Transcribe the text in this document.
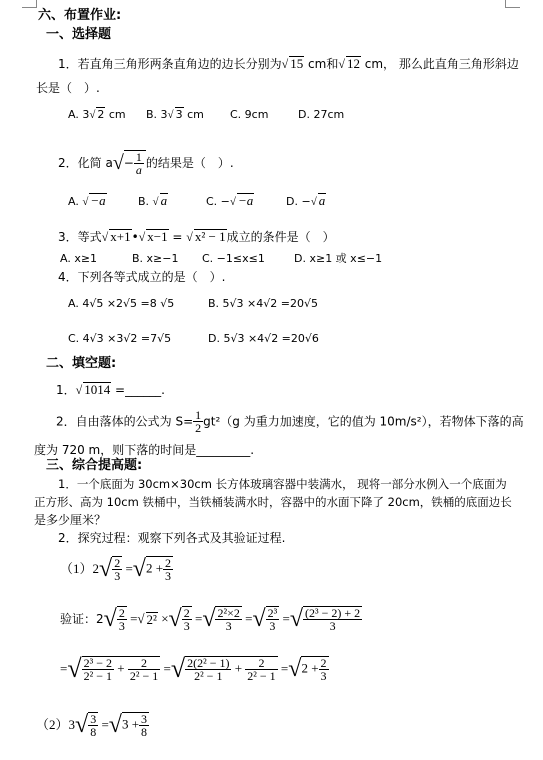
六、布置作业:
一、选择题
1．若直角三角形两条直角边的边长分别为√ 15 cm和√ 12 cm， 那么此直角三角形斜边
长是（　）.
A. 3√ 2 cm B. 3√ 3 cm C. 9cm	D. 27cm
2．化简 $a√- \frac{1}{a}$ 的结果是（　）.
A. √ −a	B. √ a	C. −√ −a	D. −√ a
3．等式√ x+1•√ x−1 = √ x² − 1成立的条件是（　）
A. x≥1	B. x≥−1 C. −1≤x≤1	D. x≥1 或 x≤−1
4．下列各等式成立的是（　）.
A. 4√5 ×2√5 =8 √5	B. 5√3 ×4√2 =20√5
C. 4√3 ×3√2 =7√5	D. 5√3 ×4√2 =20√6
二、填空题:
1．√ 1014 =______.
2．自由落体的公式为 $S= \frac{1}{2} gt^2(g$ 为重力加速度，它的值为 10m/s²），若物体下落的高
度为 720 m，则下落的时间是_________.
三、综合提高题:
1．一个底面为 30cm×30cm 长方体玻璃容器中装满水， 现将一部分水例入一个底面为
正方形、高为 10cm 铁桶中，当铁桶装满水时，容器中的水面下降了 20cm，铁桶的底面边长
是多少厘米？
2．探究过程：观察下列各式及其验证过程.
$(1)2√ \frac{2}{3} =√2 + \frac{2}{3}$
验证：$2√ \frac{2}{3}$ =√ 2² ×√ $\frac{2}{3}$ =√ $\frac{\text{2²×2}}{3}$ =√ $\frac{\text{2³}}{3}$ =√ $\frac{\text{(2³ − 2) + 2}}{3}$
=√ $\frac{\text{2³ − 2}}{\text{2² − 1}} + \frac{2}{\text{2² − 1}}$ =√ $\frac{\text{2(2² − 1)}}{\text{2² − 1}} + \frac{2}{\text{2² − 1}} =√2 + \frac{2}{3}$
$(2)3√ \frac{3}{8} =√3 + \frac{3}{8}$
